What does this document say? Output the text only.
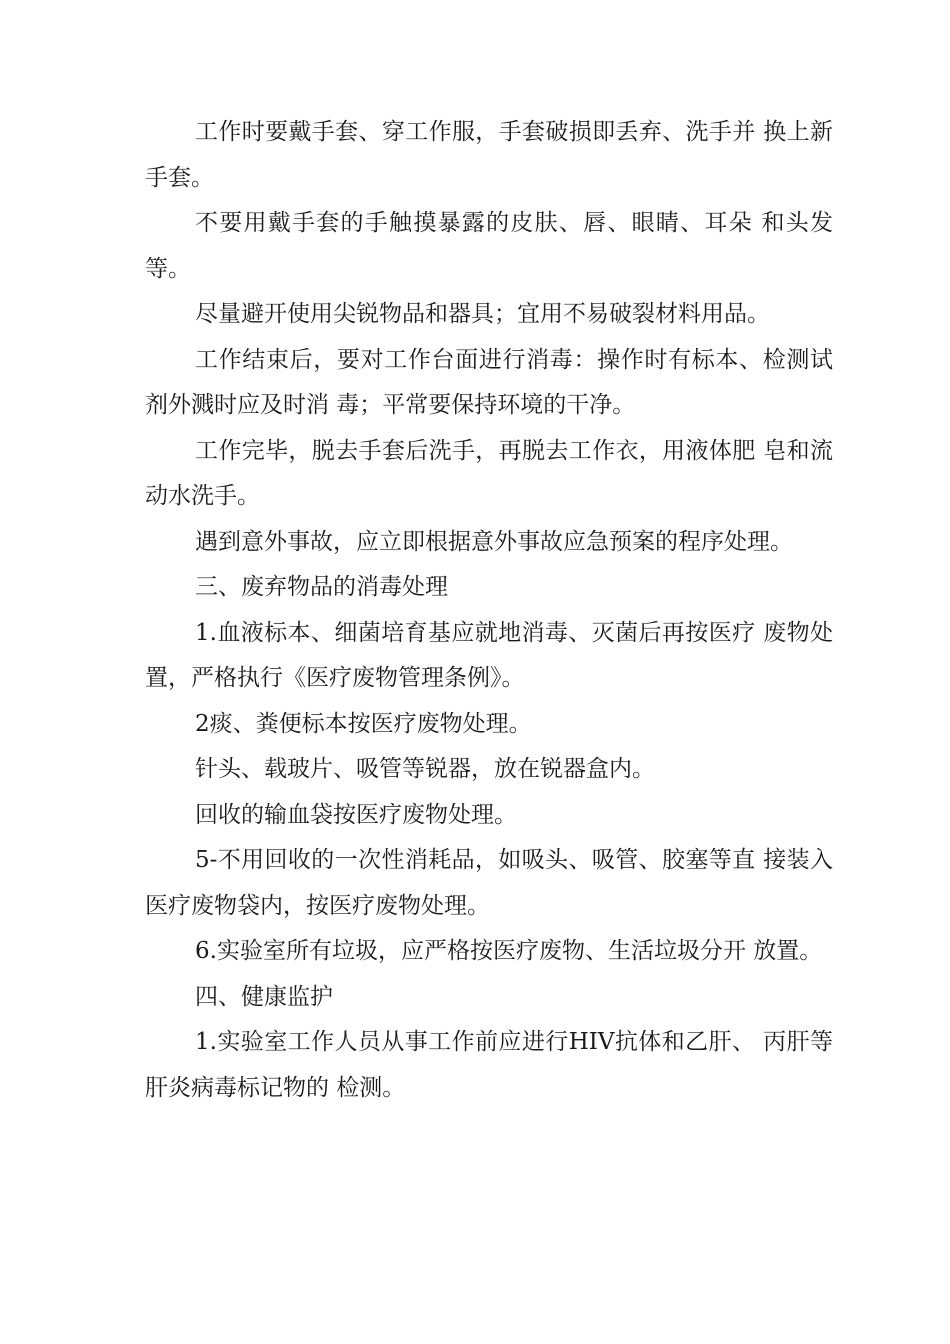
工作时要戴手套、穿工作服，手套破损即丢弃、洗手并 换上新手套。

不要用戴手套的手触摸暴露的皮肤、唇、眼睛、耳朵 和头发等。

尽量避开使用尖锐物品和器具；宜用不易破裂材料用品。

工作结束后，要对工作台面进行消毒：操作时有标本、检测试剂外溅时应及时消 毒；平常要保持环境的干净。

工作完毕，脱去手套后洗手，再脱去工作衣，用液体肥 皂和流动水洗手。

遇到意外事故，应立即根据意外事故应急预案的程序处理。

三、废弃物品的消毒处理

1.血液标本、细菌培育基应就地消毒、灭菌后再按医疗 废物处置，严格执行《医疗废物管理条例》。

2痰、粪便标本按医疗废物处理。

针头、载玻片、吸管等锐器，放在锐器盒内。

回收的输血袋按医疗废物处理。

5-不用回收的一次性消耗品，如吸头、吸管、胶塞等直 接装入医疗废物袋内，按医疗废物处理。

6.实验室所有垃圾，应严格按医疗废物、生活垃圾分开 放置。

四、健康监护

1.实验室工作人员从事工作前应进行HIV抗体和乙肝、 丙肝等肝炎病毒标记物的 检测。
